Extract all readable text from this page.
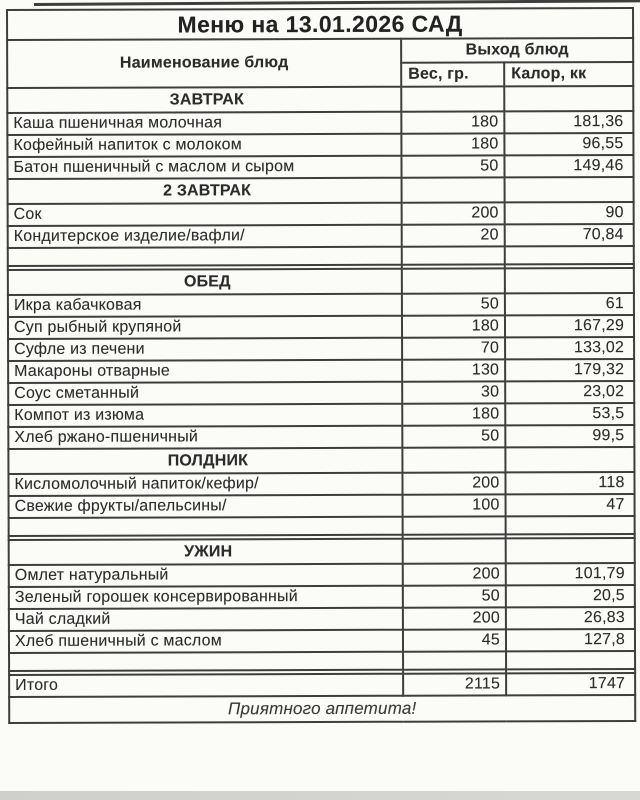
Меню на 13.01.2026 САД		
Наименование блюд	Выход блюд	
	Вес, гр.	Калор, кк
ЗАВТРАК		
Каша пшеничная молочная	180	181,36
Кофейный напиток с молоком	180	96,55
Батон пшеничный с маслом и сыром	50	149,46
2 ЗАВТРАК		
Сок	200	90
Кондитерское изделие/вафли/	20	70,84

ОБЕД		
Икра кабачковая	50	61
Суп рыбный крупяной	180	167,29
Суфле из печени	70	133,02
Макароны отварные	130	179,32
Соус сметанный	30	23,02
Компот из изюма	180	53,5
Хлеб ржано-пшеничный	50	99,5
ПОЛДНИК		
Кисломолочный напиток/кефир/	200	118
Свежие фрукты/апельсины/	100	47

УЖИН		
Омлет натуральный	200	101,79
Зеленый горошек консервированный	50	20,5
Чай сладкий	200	26,83
Хлеб пшеничный с маслом	45	127,8

Итого	2115	1747
Приятного аппетита!		
